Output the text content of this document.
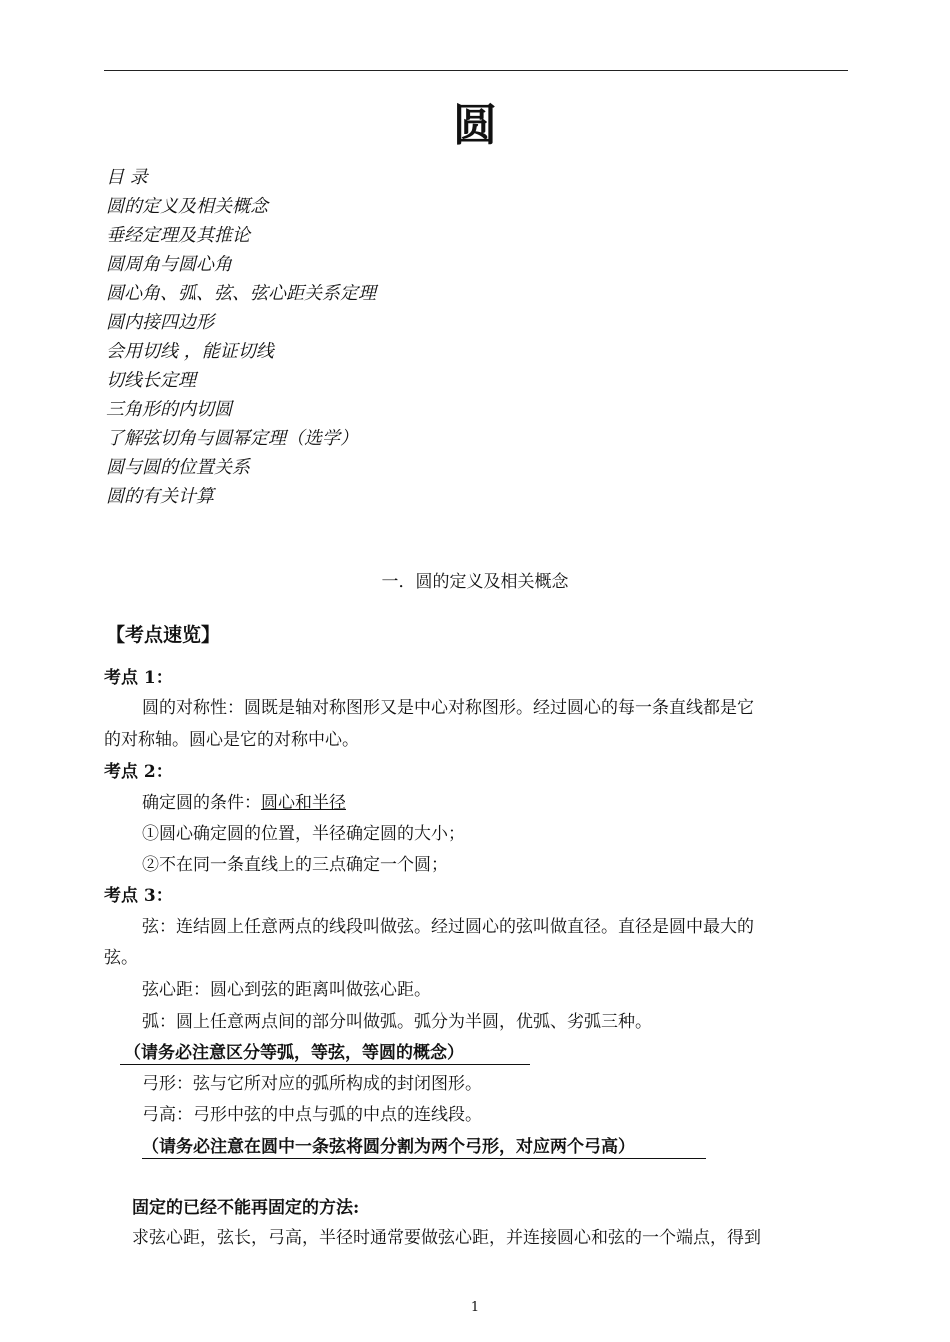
圆
目 录
圆的定义及相关概念
垂经定理及其推论
圆周角与圆心角
圆心角、弧、弦、弦心距关系定理
圆内接四边形
会用切线 ，能证切线
切线长定理
三角形的内切圆
了解弦切角与圆幂定理（选学）
圆与圆的位置关系
圆的有关计算
一．圆的定义及相关概念

【考点速览】

考点 1：

圆的对称性：圆既是轴对称图形又是中心对称图形。经过圆心的每一条直线都是它

的对称轴。圆心是它的对称中心。

考点 2：

确定圆的条件：圆心和半径

①圆心确定圆的位置，半径确定圆的大小；

②不在同一条直线上的三点确定一个圆；

考点 3：

弦：连结圆上任意两点的线段叫做弦。经过圆心的弦叫做直径。直径是圆中最大的

弦。

弦心距：圆心到弦的距离叫做弦心距。

弧：圆上任意两点间的部分叫做弧。弧分为半圆，优弧、劣弧三种。

（请务必注意区分等弧，等弦，等圆的概念）

弓形：弦与它所对应的弧所构成的封闭图形。

弓高：弓形中弦的中点与弧的中点的连线段。

（请务必注意在圆中一条弦将圆分割为两个弓形，对应两个弓高）

固定的已经不能再固定的方法:

求弦心距，弦长，弓高，半径时通常要做弦心距，并连接圆心和弦的一个端点，得到

1
